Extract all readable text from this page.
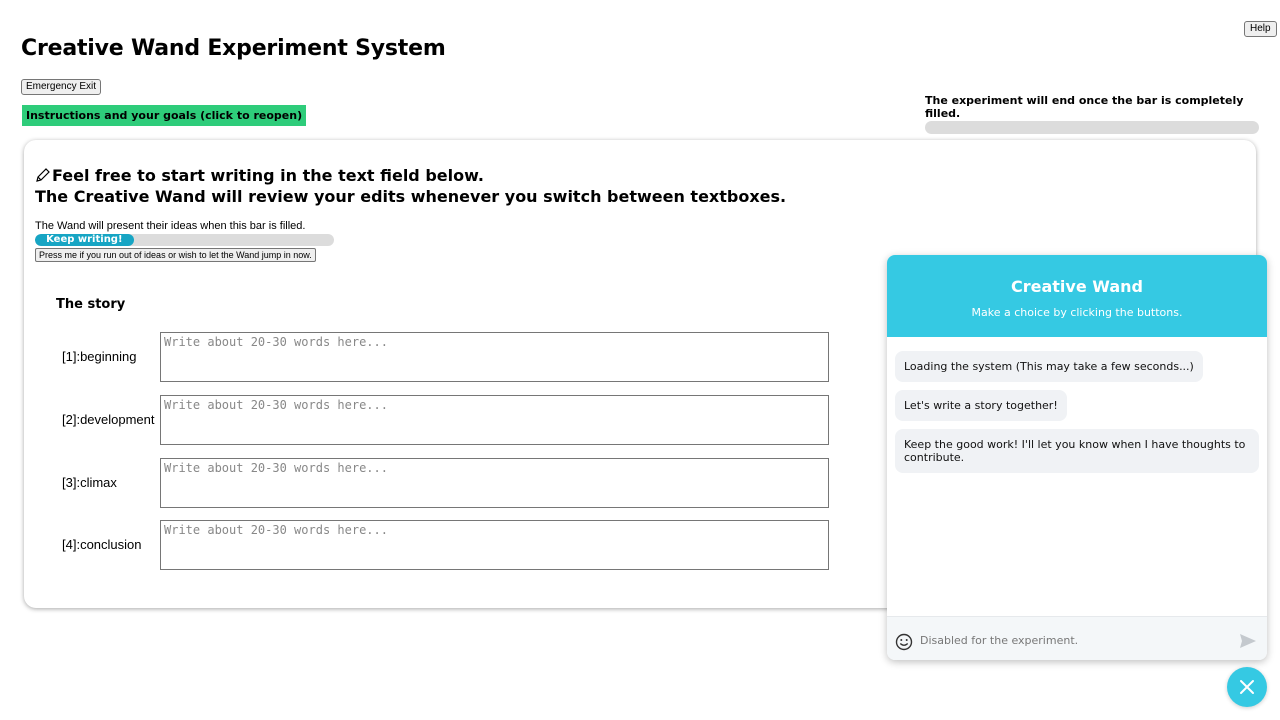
Help
Creative Wand Experiment System
Emergency Exit
Instructions and your goals (click to reopen)
The experiment will end once the bar is completely filled.
Feel free to start writing in the text field below.
The Creative Wand will review your edits whenever you switch between textboxes.
The Wand will present their ideas when this bar is filled.
Keep writing!
Press me if you run out of ideas or wish to let the Wand jump in now.
The story
[1]:beginning
Write about 20-30 words here...
[2]:development
Write about 20-30 words here...
[3]:climax
Write about 20-30 words here...
[4]:conclusion
Write about 20-30 words here...
Creative Wand
Make a choice by clicking the buttons.
Loading the system (This may take a few seconds...)
Let's write a story together!
Keep the good work! I'll let you know when I have thoughts to contribute.
Disabled for the experiment.
